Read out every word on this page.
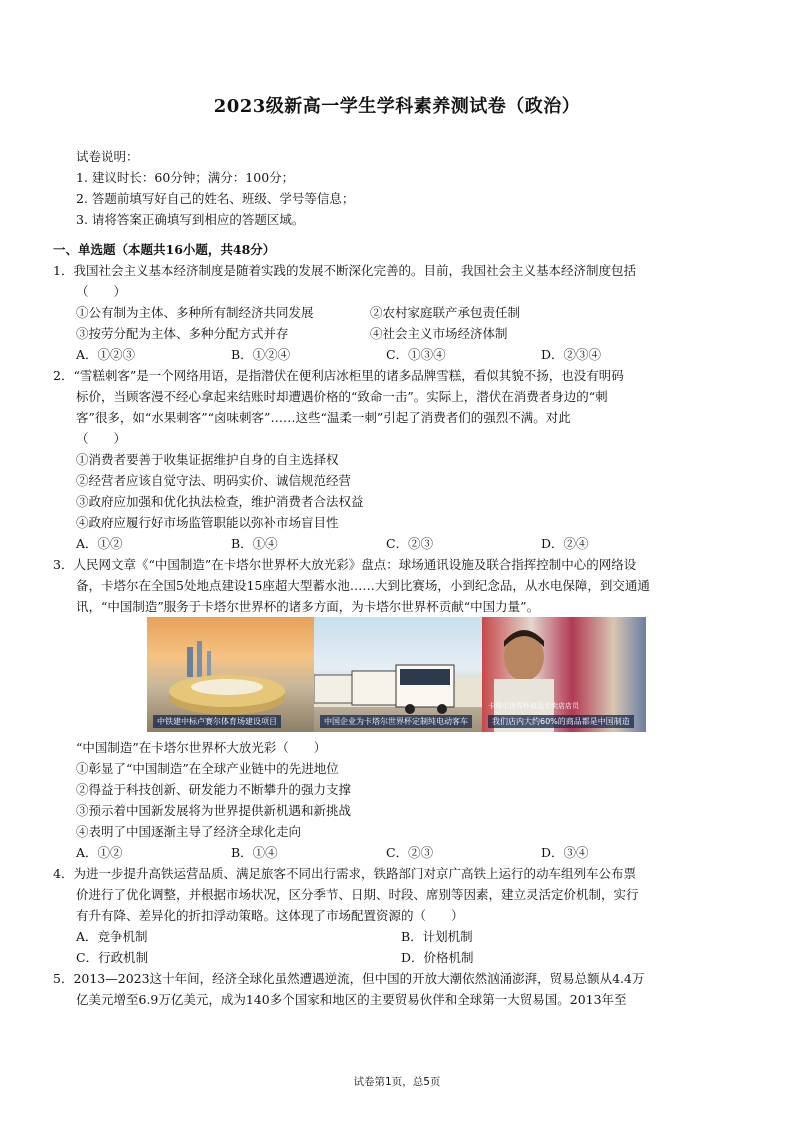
2023级新高一学生学科素养测试卷（政治）
试卷说明：
1. 建议时长：60分钟；满分：100分；
2. 答题前填写好自己的姓名、班级、学号等信息；
3. 请将答案正确填写到相应的答题区域。
一、单选题（本题共16小题，共48分）
1．我国社会主义基本经济制度是随着实践的发展不断深化完善的。目前，我国社会主义基本经济制度包括
（　　）
①公有制为主体、多种所有制经济共同发展	②农村家庭联产承包责任制
③按劳分配为主体、多种分配方式并存	④社会主义市场经济体制
A．①②③	B．①②④	C．①③④	D．②③④
2．“雪糕刺客”是一个网络用语，是指潜伏在便利店冰柜里的诸多品牌雪糕，看似其貌不扬，也没有明码
标价，当顾客漫不经心拿起来结账时却遭遇价格的“致命一击”。实际上，潜伏在消费者身边的“刺
客”很多，如“水果刺客”“卤味刺客”……这些“温柔一刺”引起了消费者们的强烈不满。对此
（　　）
①消费者要善于收集证据维护自身的自主选择权
②经营者应该自觉守法、明码实价、诚信规范经营
③政府应加强和优化执法检查，维护消费者合法权益
④政府应履行好市场监管职能以弥补市场盲目性
A．①②	B．①④	C．②③	D．②④
3．人民网文章《“中国制造”在卡塔尔世界杯大放光彩》盘点：球场通讯设施及联合指挥控制中心的网络设
备，卡塔尔在全国5处地点建设15座超大型蓄水池……大到比赛场，小到纪念品，从水电保障，到交通通
讯，“中国制造”服务于卡塔尔世界杯的诸多方面，为卡塔尔世界杯贡献“中国力量”。
中铁建中标卢赛尔体育场建设项目	中国企业为卡塔尔世界杯定制纯电动客车
卡塔尔世界杯商品专卖店店员
我们店内大约60%的商品都是中国制造
“中国制造”在卡塔尔世界杯大放光彩（　　）
①彰显了“中国制造”在全球产业链中的先进地位
②得益于科技创新、研发能力不断攀升的强力支撑
③预示着中国新发展将为世界提供新机遇和新挑战
④表明了中国逐渐主导了经济全球化走向
A．①②	B．①④	C．②③	D．③④
4．为进一步提升高铁运营品质、满足旅客不同出行需求，铁路部门对京广高铁上运行的动车组列车公布票
价进行了优化调整，并根据市场状况，区分季节、日期、时段、席别等因素，建立灵活定价机制，实行
有升有降、差异化的折扣浮动策略。这体现了市场配置资源的（　　）
A．竞争机制	B．计划机制
C．行政机制	D．价格机制
5．2013—2023这十年间，经济全球化虽然遭遇逆流，但中国的开放大潮依然汹涌澎湃，贸易总额从4.4万
亿美元增至6.9万亿美元，成为140多个国家和地区的主要贸易伙伴和全球第一大贸易国。2013年至
试卷第1页，总5页
